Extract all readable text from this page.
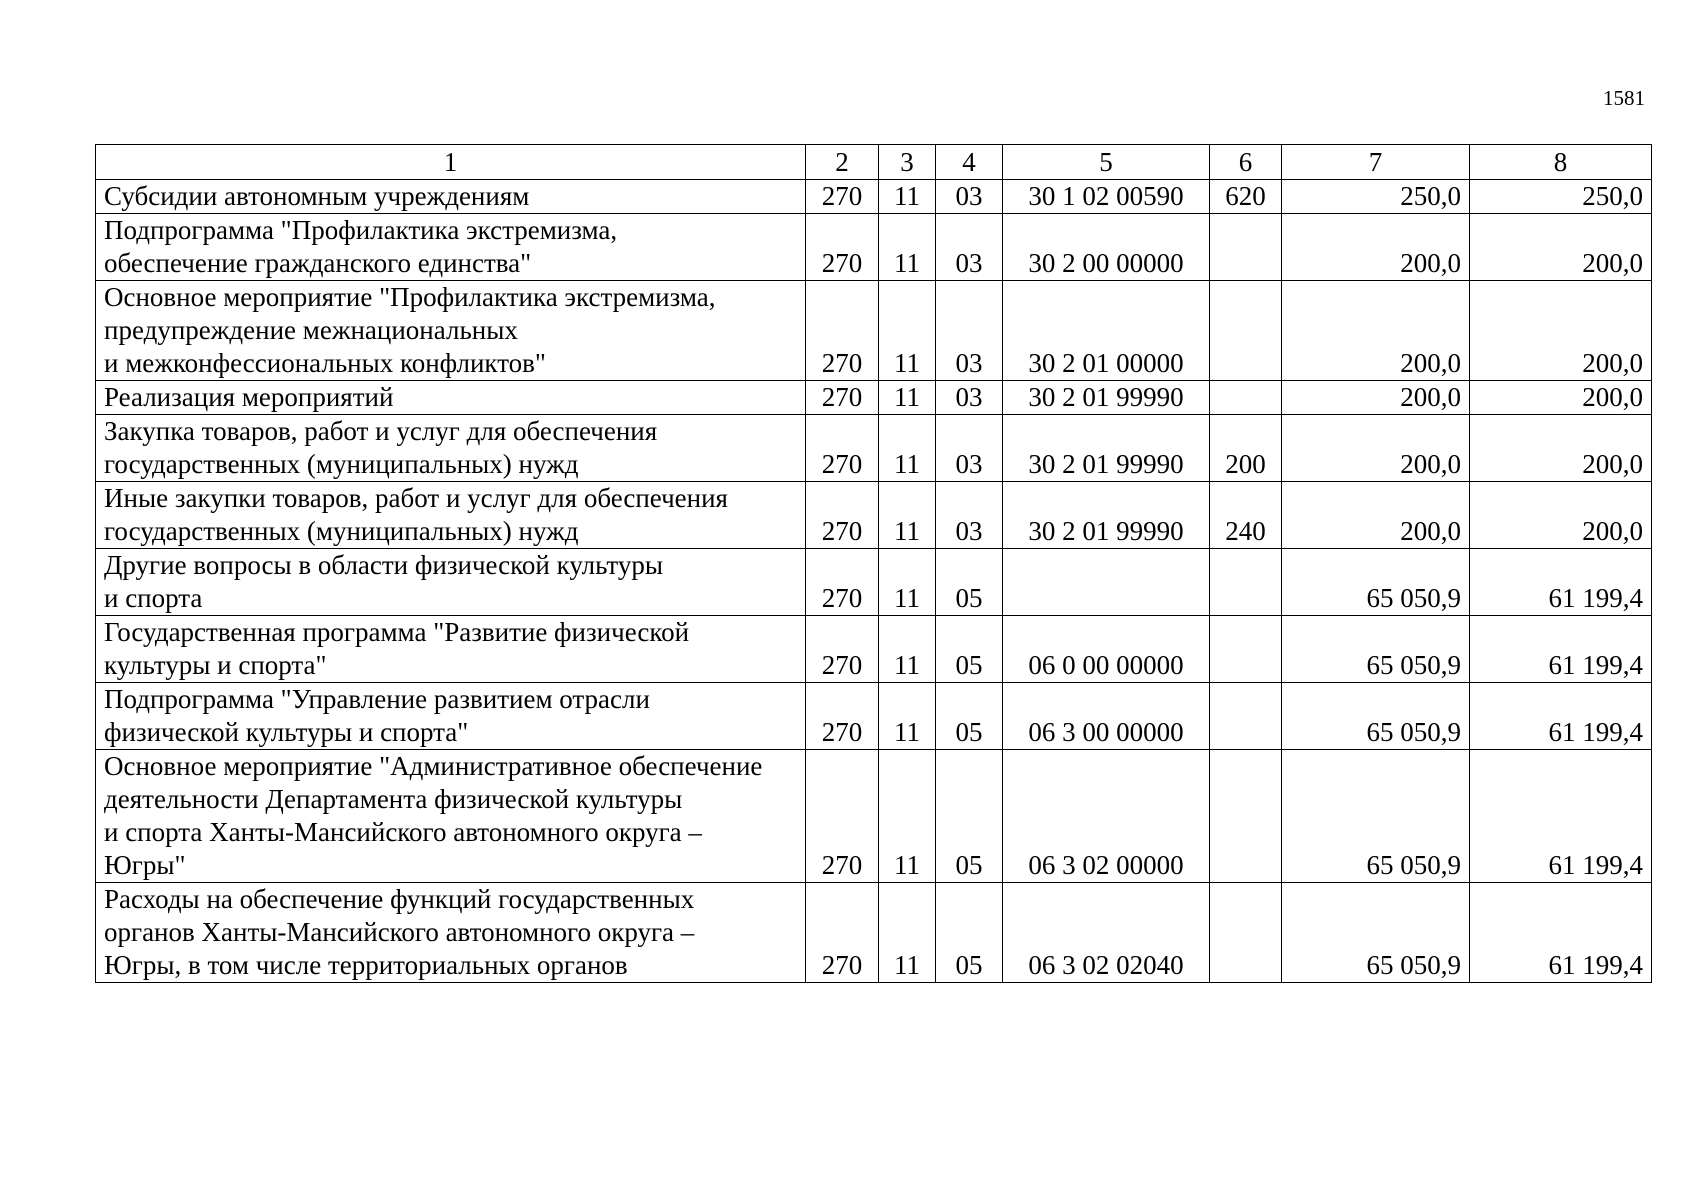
1581
1	2	3	4	5	6	7	8

Субсидии автономным учреждениям	270	11	03	30 1 02 00590	620	250,0	250,0

Подпрограмма "Профилактика экстремизма,
обеспечение гражданского единства"	270	11	03	30 2 00 00000		200,0	200,0

Основное мероприятие "Профилактика экстремизма,
предупреждение межнациональных
и межконфессиональных конфликтов"	270	11	03	30 2 01 00000		200,0	200,0

Реализация мероприятий	270	11	03	30 2 01 99990		200,0	200,0

Закупка товаров, работ и услуг для обеспечения
государственных (муниципальных) нужд	270	11	03	30 2 01 99990	200	200,0	200,0

Иные закупки товаров, работ и услуг для обеспечения
государственных (муниципальных) нужд	270	11	03	30 2 01 99990	240	200,0	200,0

Другие вопросы в области физической культуры
и спорта	270	11	05			65 050,9	61 199,4

Государственная программа "Развитие физической
культуры и спорта"	270	11	05	06 0 00 00000		65 050,9	61 199,4

Подпрограмма "Управление развитием отрасли
физической культуры и спорта"	270	11	05	06 3 00 00000		65 050,9	61 199,4

Основное мероприятие "Административное обеспечение
деятельности Департамента физической культуры
и спорта Ханты-Мансийского автономного округа –
Югры"	270	11	05	06 3 02 00000		65 050,9	61 199,4

Расходы на обеспечение функций государственных
органов Ханты-Мансийского автономного округа –
Югры, в том числе территориальных органов	270	11	05	06 3 02 02040		65 050,9	61 199,4
